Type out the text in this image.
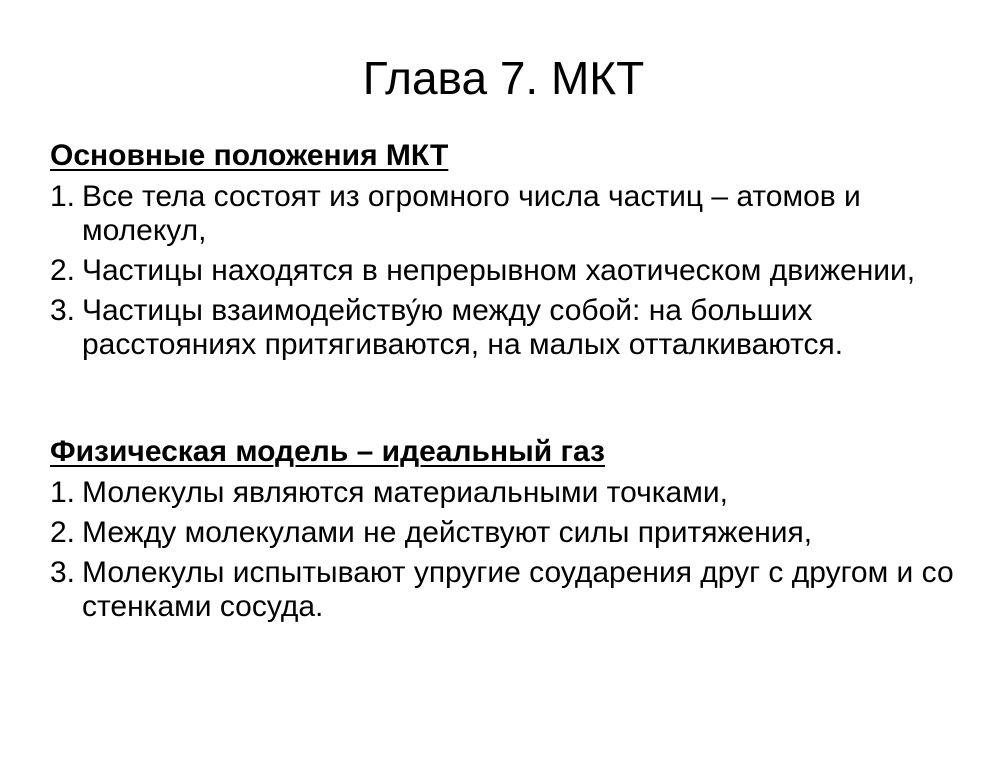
Глава 7. МКТ
Основные положения МКТ
1. Все тела состоят из огромного числа частиц – атомов и молекул,
2. Частицы находятся в непрерывном хаотическом движении,
3. Частицы взаимодейству́ю между собой: на больших расстояниях притягиваются, на малых отталкиваются.
Физическая модель – идеальный газ
1. Молекулы являются материальными точками,
2. Между молекулами не действуют силы притяжения,
3. Молекулы испытывают упругие соударения друг с другом и со стенками сосуда.
